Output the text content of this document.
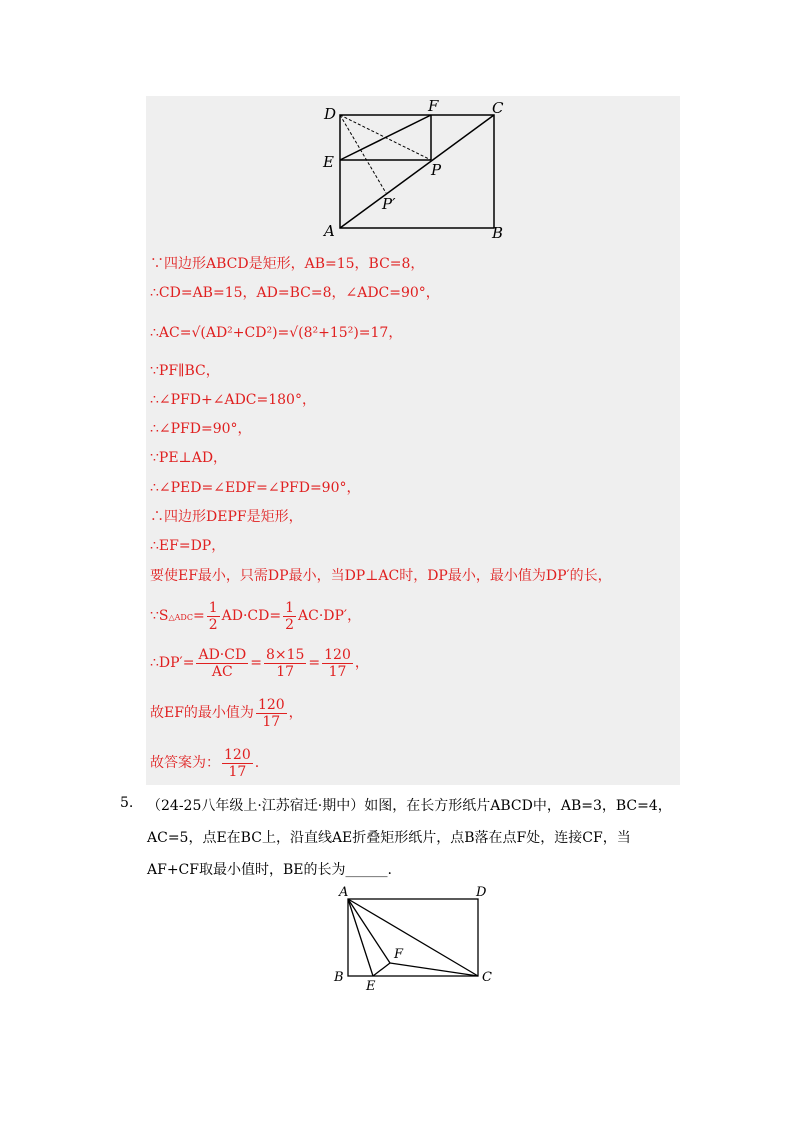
D	F	C
E	P
P′
A	B
∵四边形ABCD是矩形，AB=15，BC=8，
∴CD=AB=15，AD=BC=8，∠ADC=90°，
∴AC=√(AD²+CD²)=√(8²+15²)=17，
∵PF∥BC，
∴∠PFD+∠ADC=180°，
∴∠PFD=90°，
∵PE⊥AD，
∴∠PED=∠EDF=∠PFD=90°，
∴四边形DEPF是矩形，
∴EF=DP，
要使EF最小，只需DP最小，当DP⊥AC时，DP最小，最小值为DP′的长，
∵S△ADC= $\frac{1}{2} AD\cdot CD= \frac{1}{2} AC\cdot DP'$，
∴DP′= $\frac{AD\cdot CD}{AC} = \frac{8\times 15}{17} = \frac{120}{17}$ ，
故EF的最小值为 $\frac{120}{17}$ ，
故答案为： $\frac{120}{17}$ .
5. （24-25八年级上·江苏宿迁·期中）如图，在长方形纸片ABCD中，AB=3，BC=4，
AC=5，点E在BC上，沿直线AE折叠矩形纸片，点B落在点F处，连接CF，当
AF+CF取最小值时，BE的长为______.
A	D
F
B
E
C
